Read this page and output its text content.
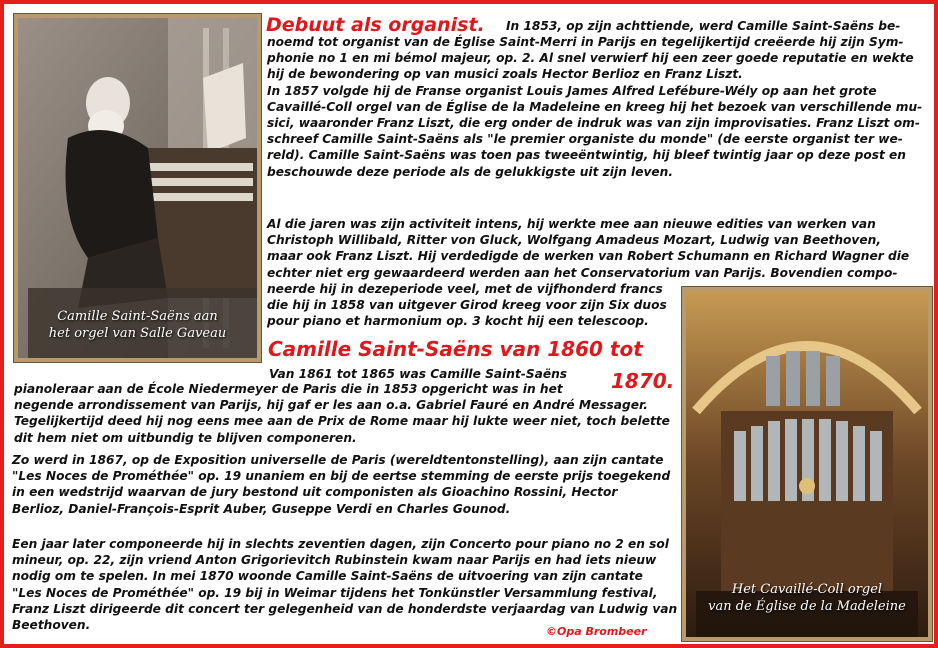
Camille Saint-Saëns aan
het orgel van Salle Gaveau
Het Cavaillé-Coll orgel
van de Église de la Madeleine
Debuut als organist. In 1853, op zijn achttiende, werd Camille Saint-Saëns be-
noemd tot organist van de Église Saint-Merri in Parijs en tegelijkertijd creëerde hij zijn Sym-
phonie no 1 en mi bémol majeur, op. 2. Al snel verwierf hij een zeer goede reputatie en wekte
hij de bewondering op van musici zoals Hector Berlioz en Franz Liszt.
In 1857 volgde hij de Franse organist Louis James Alfred Lefébure-Wély op aan het grote
Cavaillé-Coll orgel van de Église de la Madeleine en kreeg hij het bezoek van verschillende mu-
sici, waaronder Franz Liszt, die erg onder de indruk was van zijn improvisaties. Franz Liszt om-
schreef Camille Saint-Saëns als "le premier organiste du monde" (de eerste organist ter we-
reld). Camille Saint-Saëns was toen pas tweeëntwintig, hij bleef twintig jaar op deze post en
beschouwde deze periode als de gelukkigste uit zijn leven.
Al die jaren was zijn activiteit intens, hij werkte mee aan nieuwe edities van werken van
Christoph Willibald, Ritter von Gluck, Wolfgang Amadeus Mozart, Ludwig van Beethoven,
maar ook Franz Liszt. Hij verdedigde de werken van Robert Schumann en Richard Wagner die
echter niet erg gewaardeerd werden aan het Conservatorium van Parijs. Bovendien compo-
neerde hij in dezeperiode veel, met de vijfhonderd francs
die hij in 1858 van uitgever Girod kreeg voor zijn Six duos
pour piano et harmonium op. 3 kocht hij een telescoop.
Camille Saint-Saëns van 1860 tot
1870.
Van 1861 tot 1865 was Camille Saint-Saëns
pianoleraar aan de École Niedermeyer de Paris die in 1853 opgericht was in het
negende arrondissement van Parijs, hij gaf er les aan o.a. Gabriel Fauré en André Messager.
Tegelijkertijd deed hij nog eens mee aan de Prix de Rome maar hij lukte weer niet, toch belette
dit hem niet om uitbundig te blijven componeren.
Zo werd in 1867, op de Exposition universelle de Paris (wereldtentonstelling), aan zijn cantate
"Les Noces de Prométhée" op. 19 unaniem en bij de eertse stemming de eerste prijs toegekend
in een wedstrijd waarvan de jury bestond uit componisten als Gioachino Rossini, Hector
Berlioz, Daniel-François-Esprit Auber, Guseppe Verdi en Charles Gounod.
Een jaar later componeerde hij in slechts zeventien dagen, zijn Concerto pour piano no 2 en sol
mineur, op. 22, zijn vriend Anton Grigorievitch Rubinstein kwam naar Parijs en had iets nieuw
nodig om te spelen. In mei 1870 woonde Camille Saint-Saëns de uitvoering van zijn cantate
"Les Noces de Prométhée" op. 19 bij in Weimar tijdens het Tonkünstler Versammlung festival,
Franz Liszt dirigeerde dit concert ter gelegenheid van de honderdste verjaardag van Ludwig van
Beethoven.	©Opa Brombeer
